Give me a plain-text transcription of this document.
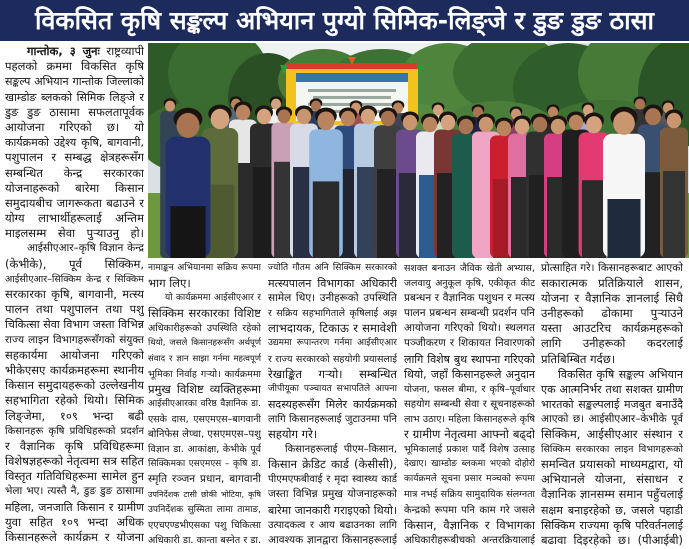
विकसित कृषि सङ्कल्प अभियान पुग्यो सिमिक-लिङ्जे र डुङ डुङ ठासा
गान्तोक, ३ जुनः राष्ट्रव्यापी
पहलको क्रममा विकसित कृषि
सङ्कल्प अभियान गान्तोक जिल्लाको
खाम्डोङ ब्लकको सिमिक लिङ्जे र
डुङ डुङ ठासामा सफलतापूर्वक
आयोजना गरिएको छ। यो
कार्यक्रमको उद्देश्य कृषि, बागवानी,
पशुपालन र सम्बद्ध क्षेत्रहरूसँग
सम्बन्धित केन्द्र सरकारका
योजनाहरूको बारेमा किसान
समुदायबीच जागरूकता बढाउने र
योग्य लाभार्थीहरूलाई अन्तिम
माइलसम्म सेवा पुऱ्याउनु हो।
आईसीएआर–कृषि विज्ञान केन्द्र
(केभीके), पूर्व सिक्किम,
आईसीएआर–सिक्किम केन्द्र र सिक्किम
सरकारका कृषि, बागवानी, मत्स्य
पालन तथा पशुपालन तथा पशु
चिकित्सा सेवा विभाग जस्ता विभिन्न
राज्य लाइन विभागहरूसँगको संयुक्त
सहकार्यमा आयोजना गरिएको
भीकेएसए कार्यक्रमहरूमा स्थानीय
किसान समुदायहरूको उल्लेखनीय
सहभागिता रहेको थियो। सिमिक
लिङ्जेमा, १०९ भन्दा बढी
किसानहरू कृषि प्रविधिहरूको प्रदर्शन
र वैज्ञानिक कृषि प्रविधिहरूमा
विशेषज्ञहरूको नेतृत्वमा सत्र सहित
विस्तृत गतिविधिहरूमा सामेल हुन
भेला भए। त्यस्तै नै, डुङ डुङ ठासामा
महिला, जनजाति किसान र ग्रामीण
युवा सहित १०९ भन्दा अधिक
किसानहरूले कार्यक्रम र योजना
नामाङ्कन अभियानमा सक्रिय रूपमा
भाग लिए।
यो कार्यक्रममा आईसीएआर र
सिक्किम सरकारका विशिष्ट
अधिकारीहरूको उपस्थिति रहेको
थियो, जसले किसानहरूसँग अर्थपूर्ण
संवाद र ज्ञान साझा गर्नमा महत्वपूर्ण
भूमिका निर्वाह गऱ्यो। कार्यक्रममा
प्रमुख विशिष्ट व्यक्तिहरूमा
आईसीएआरका वरिष्ठ वैज्ञानिक डा.
एसके दास, एसएमएस–बागवानी
बोनिफेस लेप्चा, एसएमएस–पशु
विज्ञान डा. आकांक्षा, केभीके पूर्व
सिक्किमका एसएमएस – कृषि डा.
स्मृति रञ्जन प्रधान, बागवानी
उपनिर्देशक टासी छोकी भोटिया, कृषि
उपनिर्देशक सुस्मिता लामा तामाङ,
एएचएण्डभीएसका पशु चिकित्सा
अधिकारी डा. कान्ता बस्नेत र डा.
ज्योति गौतम अनि सिक्किम सरकारको
मत्स्यपालन विभागका अधिकारी
सामेल थिए। उनीहरूको उपस्थिति
र सक्रिय सहभागिताले कृषिलाई अझ
लाभदायक, टिकाऊ र समावेशी
उद्यममा रूपान्तरण गर्नमा आईसीएआर
र राज्य सरकारको सहयोगी प्रयासलाई
रेखाङ्कित गऱ्यो। सम्बन्धित
जीपीयूका पञ्चायत सभापतिले आफ्ना
सदस्यहरूसँग मिलेर कार्यक्रमको
लागि किसानहरूलाई जुटाउनमा पनि
सहयोग गरे।
किसानहरूलाई पीएम–किसान,
किसान क्रेडिट कार्ड (केसीसी),
पीएमएफबीवाई र मृदा स्वास्थ्य कार्ड
जस्ता विभिन्न प्रमुख योजनाहरूको
बारेमा जानकारी गराइएको थियो।
उत्पादकत्व र आय बढाउनका लागि
आवश्यक ज्ञानद्वारा किसानहरूलाई
सशक्त बनाउन जैविक खेती अभ्यास,
जलवायु अनुकूल कृषि, एकीकृत कीट
प्रबन्धन र वैज्ञानिक पशुधन र मत्स्य
पालन प्रबन्धन सम्बन्धी प्रदर्शन पनि
आयोजना गरिएको थियो। स्थलगत
पञ्जीकरण र शिकायत निवारणको
लागि विशेष बुथ स्थापना गरिएको
थियो, जहाँ किसानहरूले अनुदान
योजना, फसल बीमा, र कृषि–पूर्वाधार
सहयोग सम्बन्धी सेवा र सूचनाहरूको
लाभ उठाए। महिला किसानहरूले कृषि
र ग्रामीण नेतृत्वमा आफ्नो बढ्दो
भूमिकालाई प्रकाश पार्दै विशेष उत्साह
देखाए। खाम्डोङ ब्लकमा भएको दोहोरो
कार्यक्रमले सूचना प्रसार मञ्चको रूपमा
मात्र नभई सक्रिय सामुदायिक संलग्नता
केन्द्रको रूपमा पनि काम गरे जसले
किसान, वैज्ञानिक र विभागका
अधिकारीहरूबीचको अन्तरक्रियालाई
प्रोत्साहित गरे। किसानहरूबाट आएको
सकारात्मक प्रतिक्रियाले शासन,
योजना र वैज्ञानिक ज्ञानलाई सिधै
उनीहरूको ढोकामा पुऱ्याउने
यस्ता आउटरिच कार्यक्रमहरूको
लागि उनीहरूको कदरलाई
प्रतिबिम्बित गर्दछ।
विकसित कृषि सङ्कल्प अभियान
एक आत्मनिर्भर तथा सशक्त ग्रामीण
भारतको सङ्कल्पलाई मजबुत बनाउँदै
आएको छ। आईसीएआर–केभीके पूर्व
सिक्किम, आईसीएआर संस्थान र
सिक्किम सरकारका लाइन विभागहरूको
समन्वित प्रयासको माध्यमद्वारा, यो
अभियानले योजना, संसाधन र
वैज्ञानिक ज्ञानसम्म समान पहुँचलाई
सक्षम बनाइरहेको छ, जसले पहाडी
सिक्किम राज्यमा कृषि परिवर्तनलाई
बढावा दिइरहेको छ। (पीआईबी)
